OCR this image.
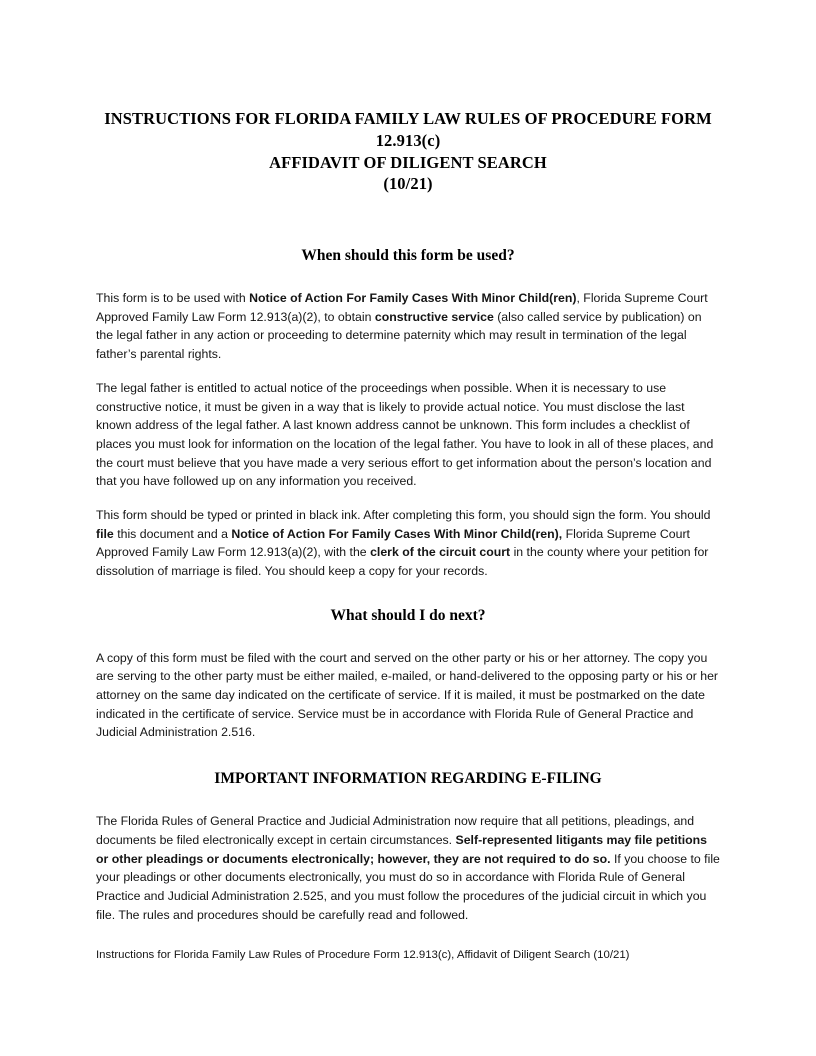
INSTRUCTIONS FOR FLORIDA FAMILY LAW RULES OF PROCEDURE FORM
12.913(c)
AFFIDAVIT OF DILIGENT SEARCH
(10/21)
When should this form be used?

This form is to be used with Notice of Action For Family Cases With Minor Child(ren), Florida Supreme Court Approved Family Law Form 12.913(a)(2), to obtain constructive service (also called service by publication) on the legal father in any action or proceeding to determine paternity which may result in termination of the legal father’s parental rights.

The legal father is entitled to actual notice of the proceedings when possible. When it is necessary to use constructive notice, it must be given in a way that is likely to provide actual notice. You must disclose the last known address of the legal father. A last known address cannot be unknown. This form includes a checklist of places you must look for information on the location of the legal father. You have to look in all of these places, and the court must believe that you have made a very serious effort to get information about the person’s location and that you have followed up on any information you received.

This form should be typed or printed in black ink. After completing this form, you should sign the form. You should file this document and a Notice of Action For Family Cases With Minor Child(ren), Florida Supreme Court Approved Family Law Form 12.913(a)(2), with the clerk of the circuit court in the county where your petition for dissolution of marriage is filed. You should keep a copy for your records.

What should I do next?

A copy of this form must be filed with the court and served on the other party or his or her attorney. The copy you are serving to the other party must be either mailed, e-mailed, or hand-delivered to the opposing party or his or her attorney on the same day indicated on the certificate of service. If it is mailed, it must be postmarked on the date indicated in the certificate of service. Service must be in accordance with Florida Rule of General Practice and Judicial Administration 2.516.

IMPORTANT INFORMATION REGARDING E-FILING

The Florida Rules of General Practice and Judicial Administration now require that all petitions, pleadings, and documents be filed electronically except in certain circumstances. Self-represented litigants may file petitions or other pleadings or documents electronically; however, they are not required to do so. If you choose to file your pleadings or other documents electronically, you must do so in accordance with Florida Rule of General Practice and Judicial Administration 2.525, and you must follow the procedures of the judicial circuit in which you file. The rules and procedures should be carefully read and followed.

Instructions for Florida Family Law Rules of Procedure Form 12.913(c), Affidavit of Diligent Search (10/21)
